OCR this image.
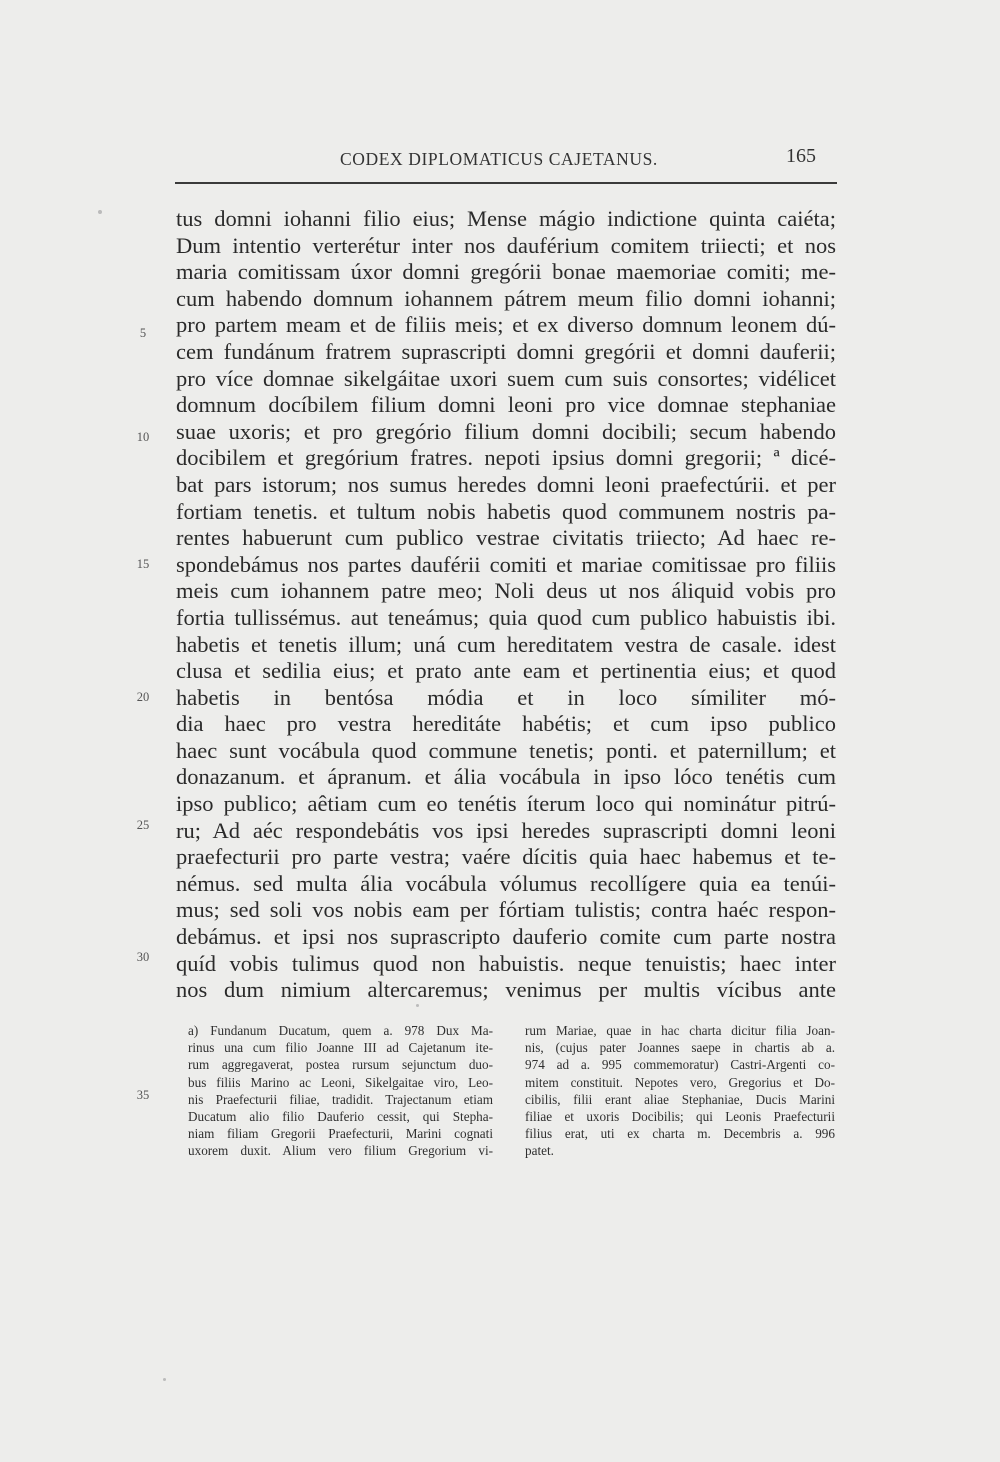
CODEX DIPLOMATICUS CAJETANUS.	165
tus domni iohanni filio eius; Mense mágio indictione quinta caiéta;
Dum intentio verterétur inter nos dauférium comitem triiecti; et nos
maria comitissam úxor domni gregórii bonae maemoriae comiti; me-
cum habendo domnum iohannem pátrem meum filio domni iohanni;
pro partem meam et de filiis meis; et ex diverso domnum leonem dú-
cem fundánum fratrem suprascripti domni gregórii et domni dauferii;
pro více domnae sikelgáitae uxori suem cum suis consortes; vidélicet
domnum docíbilem filium domni leoni pro vice domnae stephaniae
suae uxoris; et pro gregório filium domni docibili; secum habendo
docibilem et gregórium fratres. nepoti ipsius domni gregorii; ª dicé-
bat pars istorum; nos sumus heredes domni leoni praefectúrii. et per
fortiam tenetis. et tultum nobis habetis quod communem nostris pa-
rentes habuerunt cum publico vestrae civitatis triiecto; Ad haec re-
spondebámus nos partes dauférii comiti et mariae comitissae pro filiis
meis cum iohannem patre meo; Noli deus ut nos áliquid vobis pro
fortia tullissémus. aut teneámus; quia quod cum publico habuistis ibi.
habetis et tenetis illum; uná cum hereditatem vestra de casale. idest
clusa et sedilia eius; et prato ante eam et pertinentia eius; et quod
habetis in bentósa módia et in loco símiliter mó-
dia haec pro vestra hereditáte habétis; et cum ipso publico
haec sunt vocábula quod commune tenetis; ponti. et paternillum; et
donazanum. et ápranum. et ália vocábula in ipso lóco tenétis cum
ipso publico; aêtiam cum eo tenétis íterum loco qui nominátur pitrú-
ru; Ad aéc respondebátis vos ipsi heredes suprascripti domni leoni
praefecturii pro parte vestra; vaére dícitis quia haec habemus et te-
némus. sed multa ália vocábula vólumus recollígere quia ea tenúi-
mus; sed soli vos nobis eam per fórtiam tulistis; contra haéc respon-
debámus. et ipsi nos suprascripto dauferio comite cum parte nostra
quíd vobis tulimus quod non habuistis. neque tenuistis; haec inter
nos dum nimium altercaremus; venimus per multis vícibus ante
5
10
15
20
25
30
35
a) Fundanum Ducatum, quem a. 978 Dux Ma-
rinus una cum filio Joanne III ad Cajetanum ite-
rum aggregaverat, postea rursum sejunctum duo-
bus filiis Marino ac Leoni, Sikelgaitae viro, Leo-
nis Praefecturii filiae, tradidit. Trajectanum etiam
Ducatum alio filio Dauferio cessit, qui Stepha-
niam filiam Gregorii Praefecturii, Marini cognati
uxorem duxit. Alium vero filium Gregorium vi-
rum Mariae, quae in hac charta dicitur filia Joan-
nis, (cujus pater Joannes saepe in chartis ab a.
974 ad a. 995 commemoratur) Castri-Argenti co-
mitem constituit. Nepotes vero, Gregorius et Do-
cibilis, filii erant aliae Stephaniae, Ducis Marini
filiae et uxoris Docibilis; qui Leonis Praefecturii
filius erat, uti ex charta m. Decembris a. 996
patet.
